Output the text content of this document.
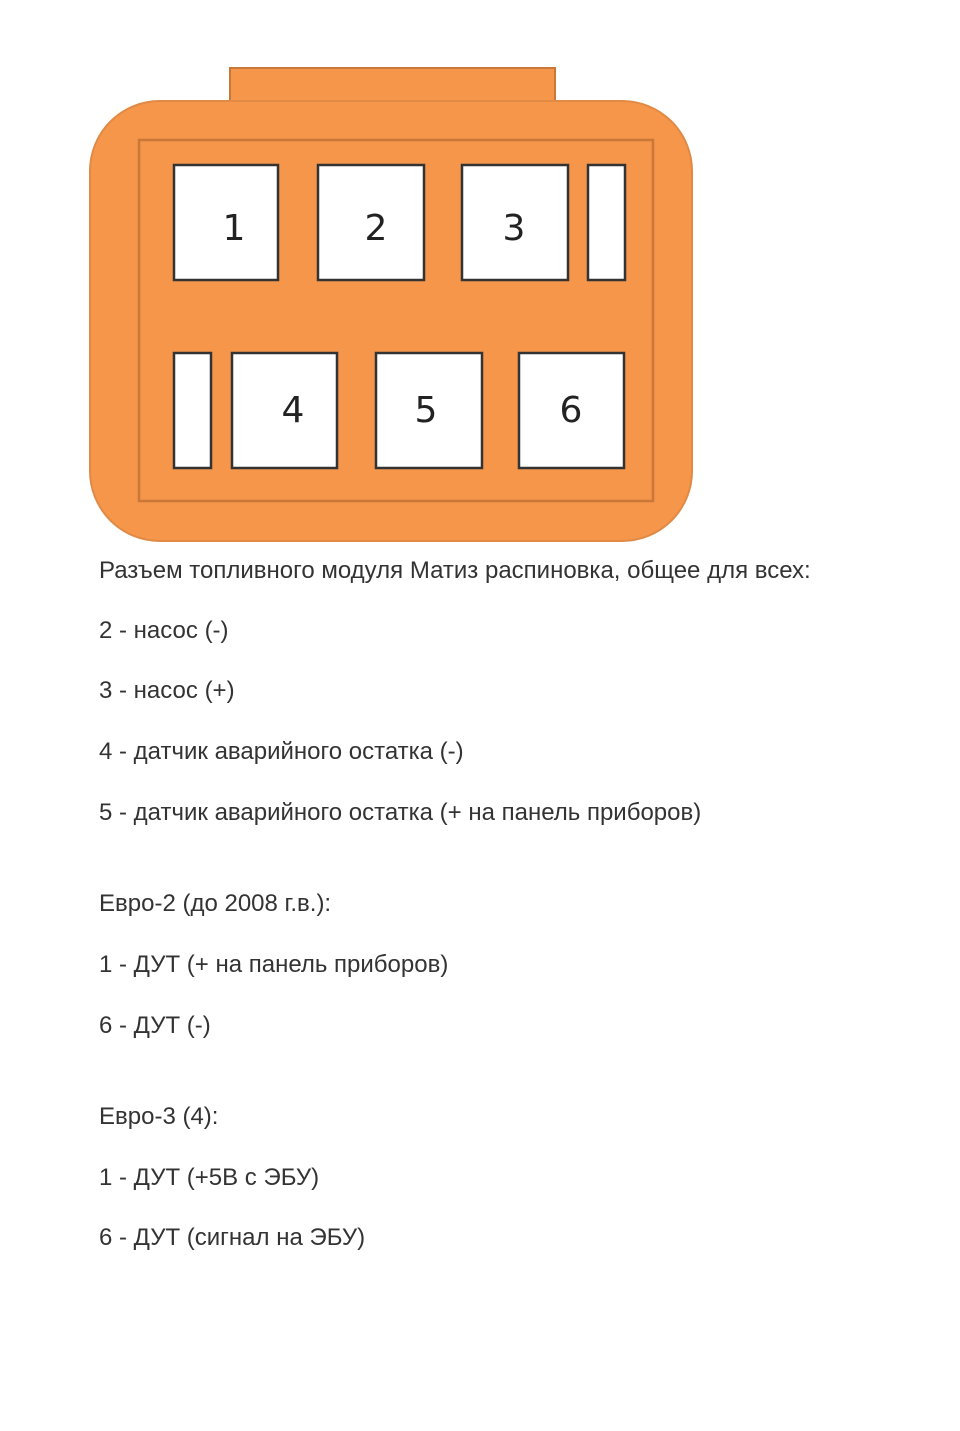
1	2	3
4	5	6
Разъем топливного модуля Матиз распиновка, общее для всех:
2 - насос (-)
3 - насос (+)
4 - датчик аварийного остатка (-)
5 - датчик аварийного остатка (+ на панель приборов)
Евро-2 (до 2008 г.в.):
1 - ДУТ (+ на панель приборов)
6 - ДУТ (-)
Евро-3 (4):
1 - ДУТ (+5В с ЭБУ)
6 - ДУТ (сигнал на ЭБУ)
